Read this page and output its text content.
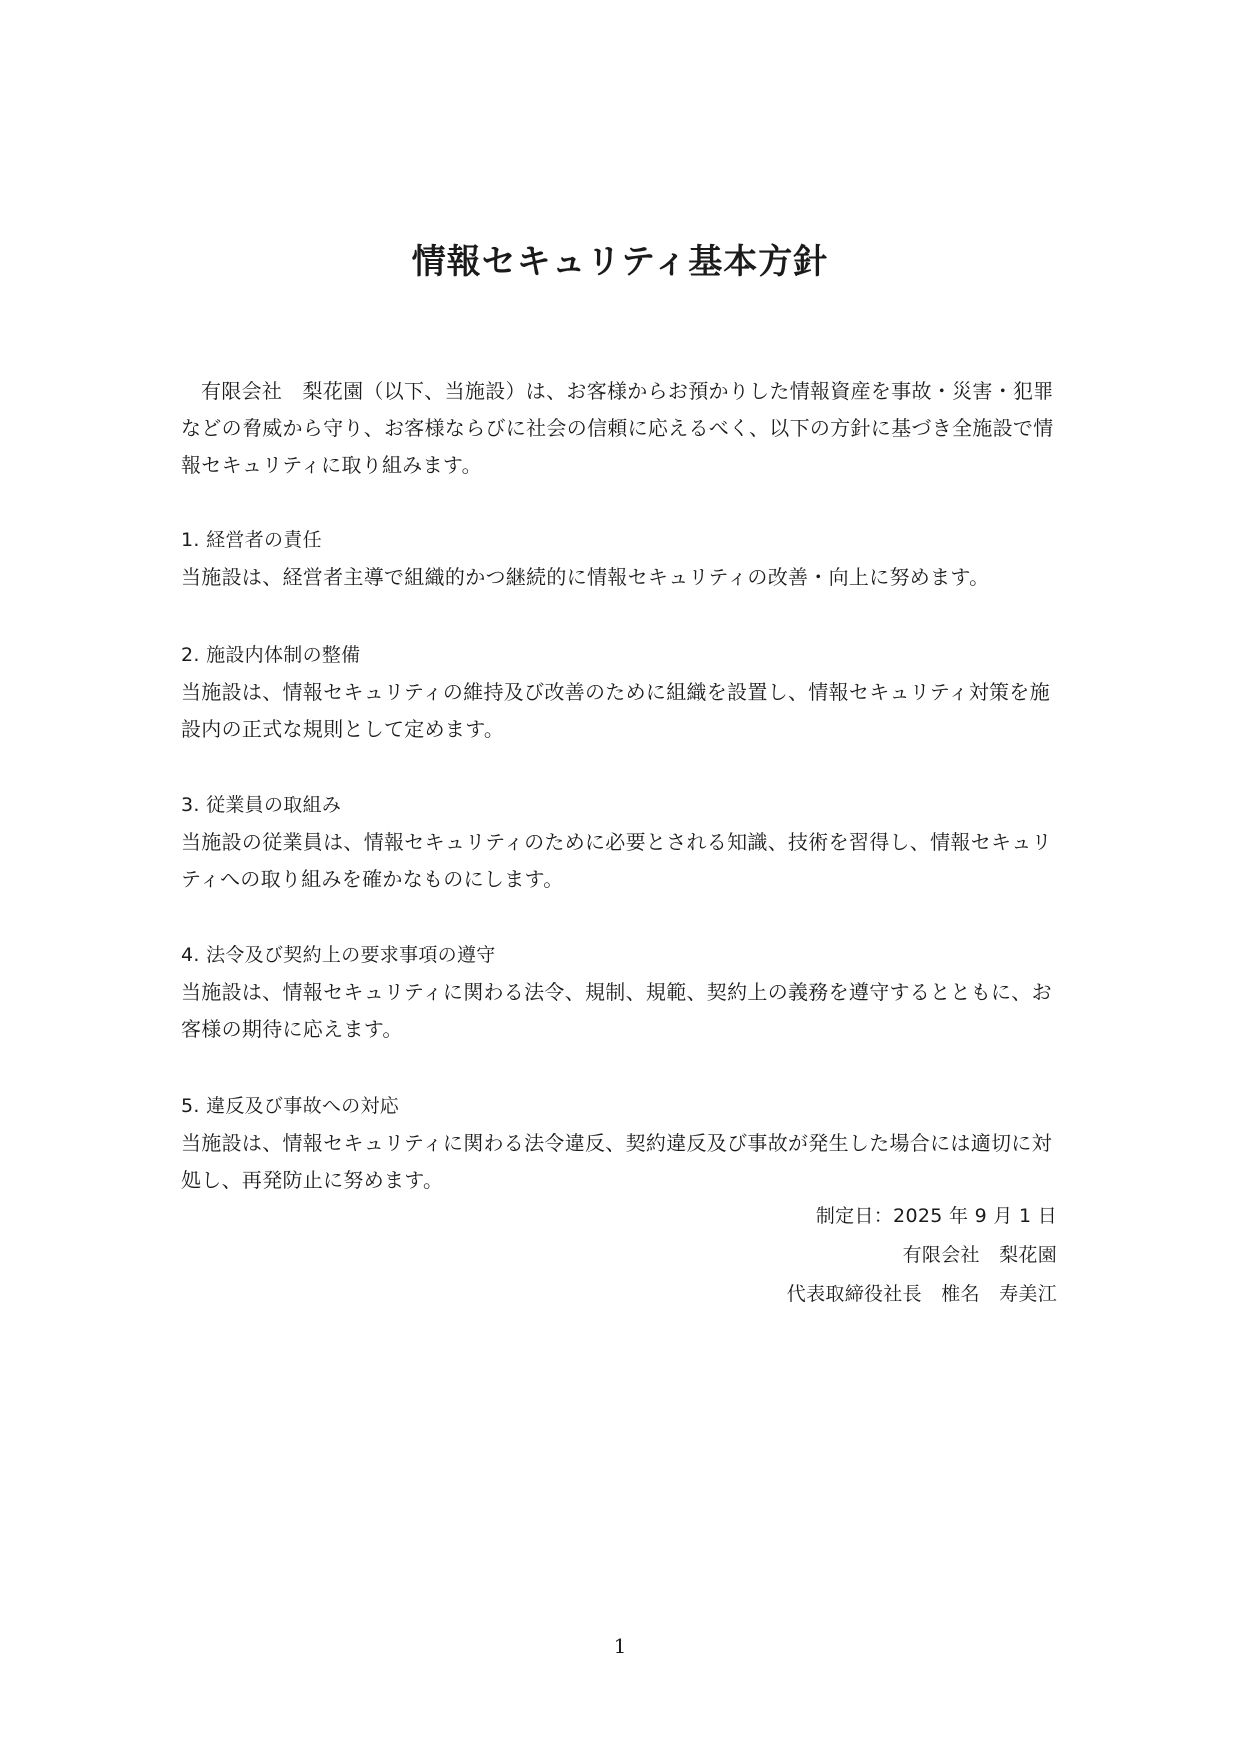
情報セキュリティ基本方針

有限会社　梨花園（以下、当施設）は、お客様からお預かりした情報資産を事故・災害・犯罪などの脅威から守り、お客様ならびに社会の信頼に応えるべく、以下の方針に基づき全施設で情報セキュリティに取り組みます。

1. 経営者の責任

当施設は、経営者主導で組織的かつ継続的に情報セキュリティの改善・向上に努めます。

2. 施設内体制の整備

当施設は、情報セキュリティの維持及び改善のために組織を設置し、情報セキュリティ対策を施設内の正式な規則として定めます。

3. 従業員の取組み

当施設の従業員は、情報セキュリティのために必要とされる知識、技術を習得し、情報セキュリティへの取り組みを確かなものにします。

4. 法令及び契約上の要求事項の遵守

当施設は、情報セキュリティに関わる法令、規制、規範、契約上の義務を遵守するとともに、お客様の期待に応えます。

5. 違反及び事故への対応

当施設は、情報セキュリティに関わる法令違反、契約違反及び事故が発生した場合には適切に対処し、再発防止に努めます。

制定日：2025 年 9 月 1 日
有限会社　梨花園
代表取締役社長　椎名　寿美江
1
